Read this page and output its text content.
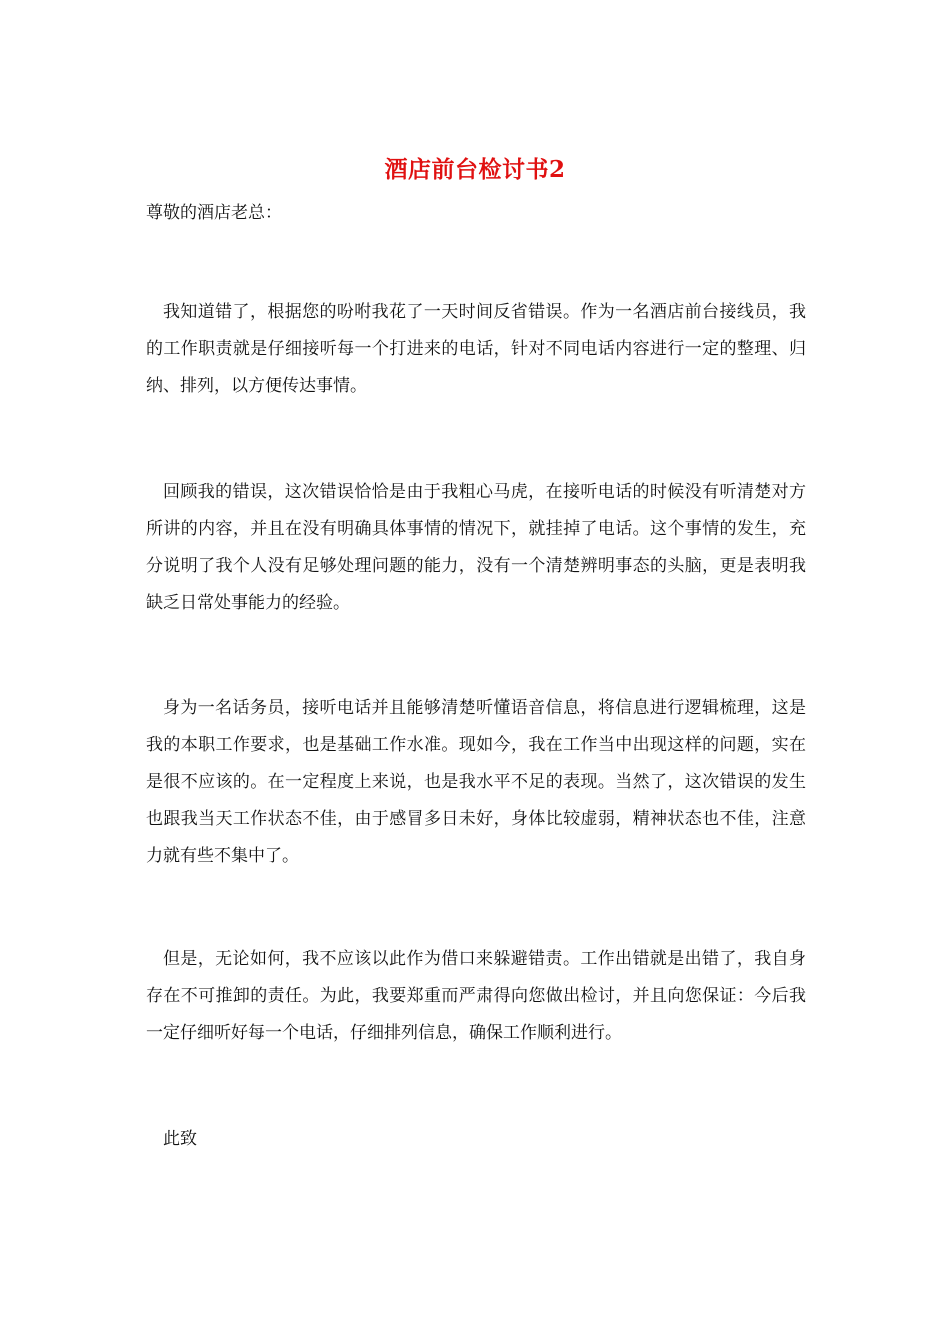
酒店前台检讨书2
尊敬的酒店老总：
我知道错了，根据您的吩咐我花了一天时间反省错误。作为一名酒店前台接线员，我的工作职责就是仔细接听每一个打进来的电话，针对不同电话内容进行一定的整理、归纳、排列，以方便传达事情。
回顾我的错误，这次错误恰恰是由于我粗心马虎，在接听电话的时候没有听清楚对方所讲的内容，并且在没有明确具体事情的情况下，就挂掉了电话。这个事情的发生，充分说明了我个人没有足够处理问题的能力，没有一个清楚辨明事态的头脑，更是表明我缺乏日常处事能力的经验。
身为一名话务员，接听电话并且能够清楚听懂语音信息，将信息进行逻辑梳理，这是我的本职工作要求，也是基础工作水准。现如今，我在工作当中出现这样的问题，实在是很不应该的。在一定程度上来说，也是我水平不足的表现。当然了，这次错误的发生也跟我当天工作状态不佳，由于感冒多日未好，身体比较虚弱，精神状态也不佳，注意力就有些不集中了。
但是，无论如何，我不应该以此作为借口来躲避错责。工作出错就是出错了，我自身存在不可推卸的责任。为此，我要郑重而严肃得向您做出检讨，并且向您保证：今后我一定仔细听好每一个电话，仔细排列信息，确保工作顺利进行。
此致
